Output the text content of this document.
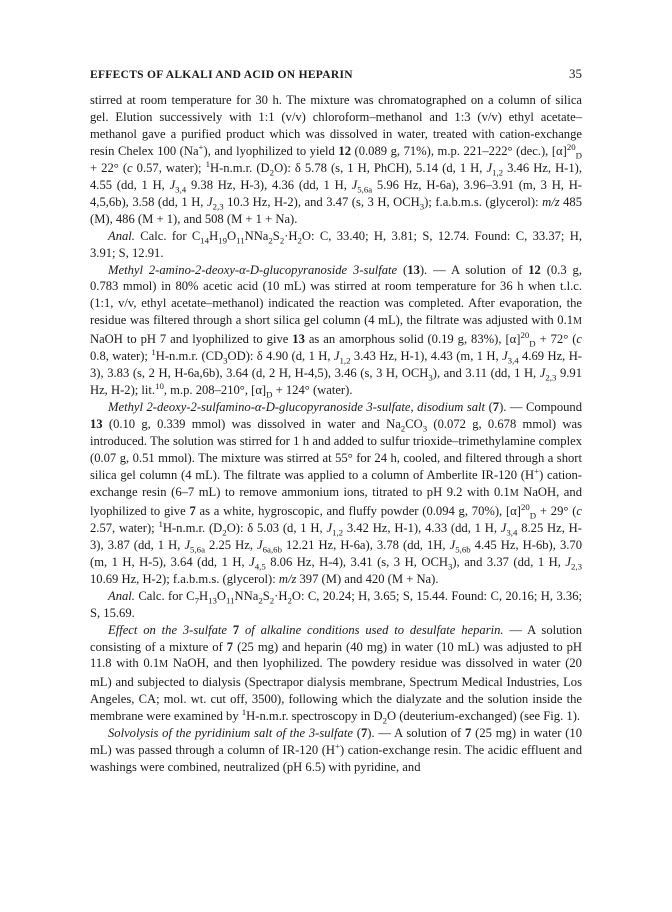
EFFECTS OF ALKALI AND ACID ON HEPARIN	35

stirred at room temperature for 30 h. The mixture was chromatographed on a column of silica gel. Elution successively with 1:1 (v/v) chloroform–methanol and 1:3 (v/v) ethyl acetate–methanol gave a purified product which was dissolved in water, treated with cation-exchange resin Chelex 100 (Na+), and lyophilized to yield 12 (0.089 g, 71%), m.p. 221–222° (dec.), $[\alpha]^{20}_D + 22^\circ$ (c 0.57, water); $^1$H-n.m.r. $(D_2O)$: δ 5.78 (s, 1 H, PhCH), 5.14 (d, 1 H, $J_{1,2}$ 3.46 Hz, H-1), 4.55 (dd, 1 H, $J_{3,4}$ 9.38 Hz, H-3), 4.36 (dd, 1 H, $J_{5,6a}$ 5.96 Hz, H-6a), 3.96–3.91 (m, 3 H, H-4,5,6b), 3.58 (dd, 1 H, $J_{2,3}$ 10.3 Hz, H-2), and 3.47 (s, 3 H, $OCH_3$); f.a.b.m.s. (glycerol): m/z 485 (M), 486 (M + 1), and 508 (M + 1 + Na).

Anal. Calc. for $C_{14}H_{19}O_{11}NNa_2S_2\cdot H_2O$: C, 33.40; H, 3.81; S, 12.74. Found: C, 33.37; H, 3.91; S, 12.91.

Methyl 2-amino-2-deoxy-α-D-glucopyranoside 3-sulfate (13). — A solution of 12 (0.3 g, 0.783 mmol) in 80% acetic acid (10 mL) was stirred at room temperature for 36 h when t.l.c. (1:1, v/v, ethyl acetate–methanol) indicated the reaction was completed. After evaporation, the residue was filtered through a short silica gel column (4 mL), the filtrate was adjusted with 0.1M NaOH to pH 7 and lyophilized to give 13 as an amorphous solid (0.19 g, 83%), $[\alpha]^{20}_D + 72^\circ$ (c 0.8, water); $^1$H-n.m.r. $(CD_3OD)$: δ 4.90 (d, 1 H, $J_{1,2}$ 3.43 Hz, H-1), 4.43 (m, 1 H, $J_{3,4}$ 4.69 Hz, H-3), 3.83 (s, 2 H, H-6a,6b), 3.64 (d, 2 H, H-4,5), 3.46 (s, 3 H, $OCH_3$), and 3.11 (dd, 1 H, $J_{2,3}$ 9.91 Hz, H-2); lit.$^{10}$, m.p. 208–210°, $[\alpha]_D + 124^\circ$ (water).

Methyl 2-deoxy-2-sulfamino-α-D-glucopyranoside 3-sulfate, disodium salt (7). — Compound 13 (0.10 g, 0.339 mmol) was dissolved in water and $Na_2CO_3$ (0.072 g, 0.678 mmol) was introduced. The solution was stirred for 1 h and added to sulfur trioxide–trimethylamine complex (0.07 g, 0.51 mmol). The mixture was stirred at 55° for 24 h, cooled, and filtered through a short silica gel column (4 mL). The filtrate was applied to a column of Amberlite IR-120 (H+) cation-exchange resin (6–7 mL) to remove ammonium ions, titrated to pH 9.2 with 0.1M NaOH, and lyophilized to give 7 as a white, hygroscopic, and fluffy powder (0.094 g, 70%), $[\alpha]^{20}_D + 29^\circ$ (c 2.57, water); $^1$H-n.m.r. $(D_2O)$: δ 5.03 (d, 1 H, $J_{1,2}$ 3.42 Hz, H-1), 4.33 (dd, 1 H, $J_{3,4}$ 8.25 Hz, H-3), 3.87 (dd, 1 H, $J_{5,6a}$ 2.25 Hz, $J_{6a,6b}$ 12.21 Hz, H-6a), 3.78 (dd, 1H, $J_{5,6b}$ 4.45 Hz, H-6b), 3.70 (m, 1 H, H-5), 3.64 (dd, 1 H, $J_{4,5}$ 8.06 Hz, H-4), 3.41 (s, 3 H, $OCH_3$), and 3.37 (dd, 1 H, $J_{2,3}$ 10.69 Hz, H-2); f.a.b.m.s. (glycerol): m/z 397 (M) and 420 (M + Na).

Anal. Calc. for $C_7H_{13}O_{11}NNa_2S_2\cdot H_2O$: C, 20.24; H, 3.65; S, 15.44. Found: C, 20.16; H, 3.36; S, 15.69.

Effect on the 3-sulfate 7 of alkaline conditions used to desulfate heparin. — A solution consisting of a mixture of 7 (25 mg) and heparin (40 mg) in water (10 mL) was adjusted to pH 11.8 with 0.1M NaOH, and then lyophilized. The powdery residue was dissolved in water (20 mL) and subjected to dialysis (Spectrapor dialysis membrane, Spectrum Medical Industries, Los Angeles, CA; mol. wt. cut off, 3500), following which the dialyzate and the solution inside the membrane were examined by $^1$H-n.m.r. spectroscopy in $D_2O$ (deuterium-exchanged) (see Fig. 1).

Solvolysis of the pyridinium salt of the 3-sulfate (7). — A solution of 7 (25 mg) in water (10 mL) was passed through a column of IR-120 (H+) cation-exchange resin. The acidic effluent and washings were combined, neutralized (pH 6.5) with pyridine, and
